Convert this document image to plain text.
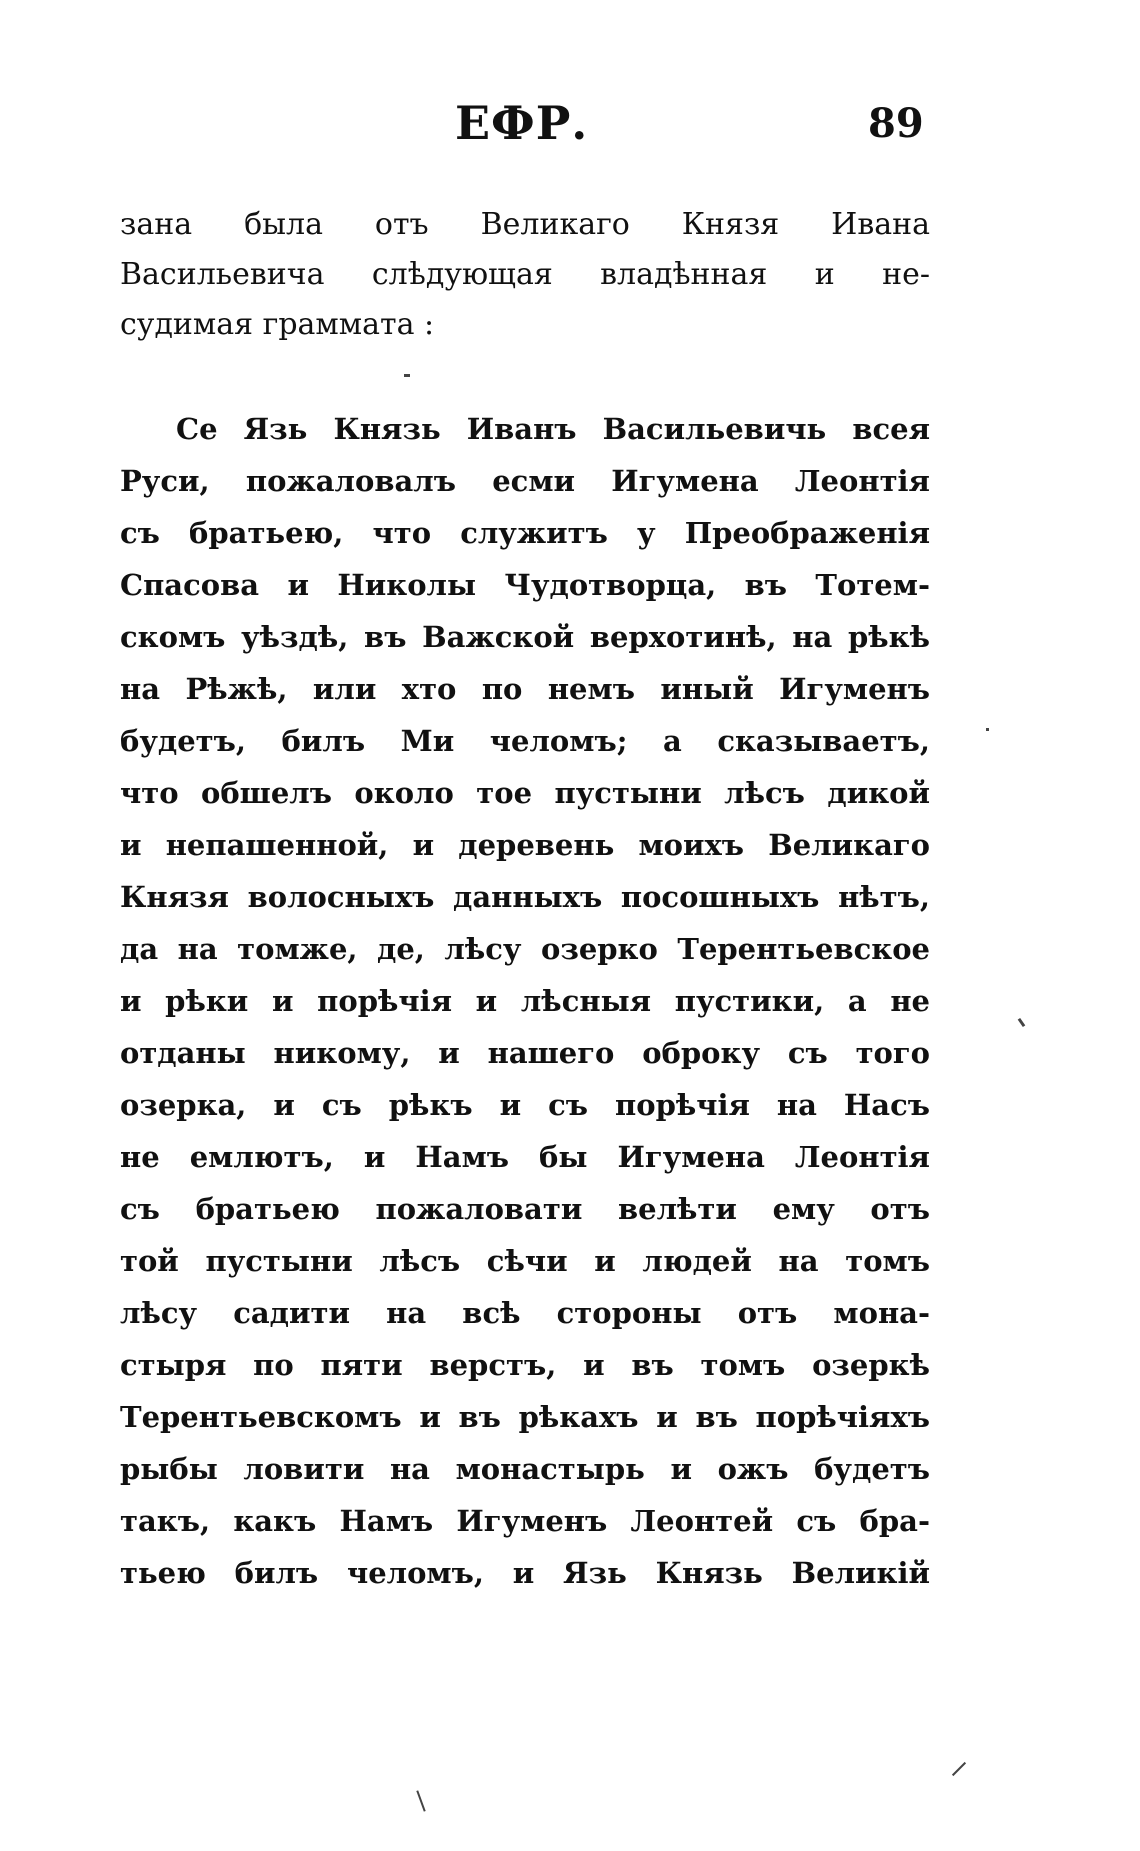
ЕФР.	89
зана была отъ Великаго Князя Ивана
Васильевича слѣдующая владѣнная и не-
судимая граммата :
Се Язь Князь Иванъ Васильевичь всея
Руси, пожаловалъ есми Игумена Леонтія
съ братьею, что служитъ у Преображенія
Спасова и Николы Чудотворца, въ Тотем-
скомъ уѣздѣ, въ Важской верхотинѣ, на рѣкѣ
на Рѣжѣ, или хто по немъ иный Игуменъ
будетъ, билъ Ми челомъ; а сказываетъ,
что обшелъ около тое пустыни лѣсъ дикой
и непашенной, и деревень моихъ Великаго
Князя волосныхъ данныхъ посошныхъ нѣтъ,
да на томже, де, лѣсу озерко Терентьевское
и рѣки и порѣчія и лѣсныя пустики, а не
отданы никому, и нашего оброку съ того
озерка, и съ рѣкъ и съ порѣчія на Насъ
не емлютъ, и Намъ бы Игумена Леонтія
съ братьею пожаловати велѣти ему отъ
той пустыни лѣсъ сѣчи и людей на томъ
лѣсу садити на всѣ стороны отъ мона-
стыря по пяти верстъ, и въ томъ озеркѣ
Терентьевскомъ и въ рѣкахъ и въ порѣчіяхъ
рыбы ловити на монастырь и ожъ будетъ
такъ, какъ Намъ Игуменъ Леонтей съ бра-
тьею билъ челомъ, и Язь Князь Великій
